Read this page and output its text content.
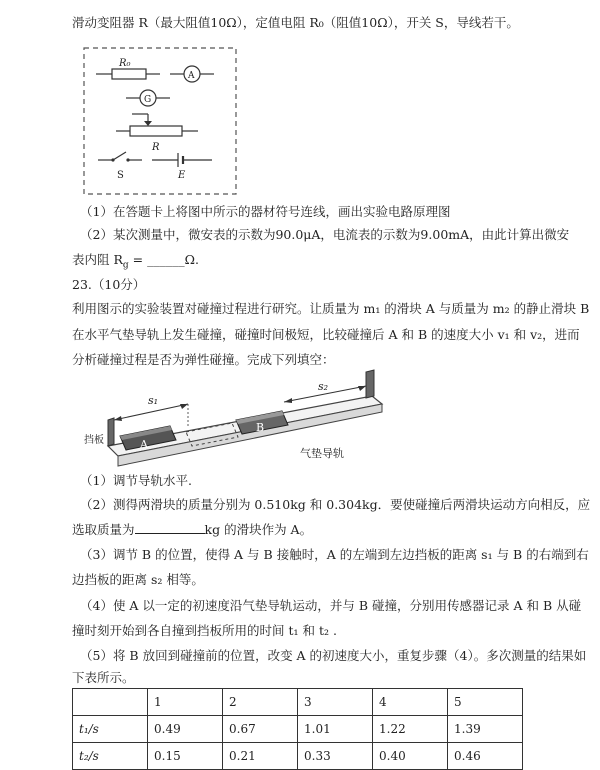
滑动变阻器 R（最大阻值10Ω），定值电阻 R₀（阻值10Ω），开关 S，导线若干。
R₀
A
G
R
S	E
（1）在答题卡上将图中所示的器材符号连线，画出实验电路原理图
（2）某次测量中，微安表的示数为90.0μA，电流表的示数为9.00mA，由此计算出微安
表内阻 $R_g$ = ______Ω.
23.（10分）
利用图示的实验装置对碰撞过程进行研究。让质量为 m₁ 的滑块 A 与质量为 m₂ 的静止滑块 B
在水平气垫导轨上发生碰撞，碰撞时间极短，比较碰撞后 A 和 B 的速度大小 v₁ 和 v₂，进而
分析碰撞过程是否为弹性碰撞。完成下列填空：
s₁
s₂
挡板	A
B
气垫导轨
（1）调节导轨水平.
（2）测得两滑块的质量分别为 0.510kg 和 0.304kg．要使碰撞后两滑块运动方向相反，应
选取质量为	kg 的滑块作为 A。
（3）调节 B 的位置，使得 A 与 B 接触时，A 的左端到左边挡板的距离 s₁ 与 B 的右端到右
边挡板的距离 s₂ 相等。
（4）使 A 以一定的初速度沿气垫导轨运动，并与 B 碰撞，分别用传感器记录 A 和 B 从碰
撞时刻开始到各自撞到挡板所用的时间 t₁ 和 t₂ .
（5）将 B 放回到碰撞前的位置，改变 A 的初速度大小，重复步骤（4）。多次测量的结果如
下表所示。
	1	2	3	4	5
t₁/s	0.49	0.67	1.01	1.22	1.39
t₂/s	0.15	0.21	0.33	0.40	0.46
